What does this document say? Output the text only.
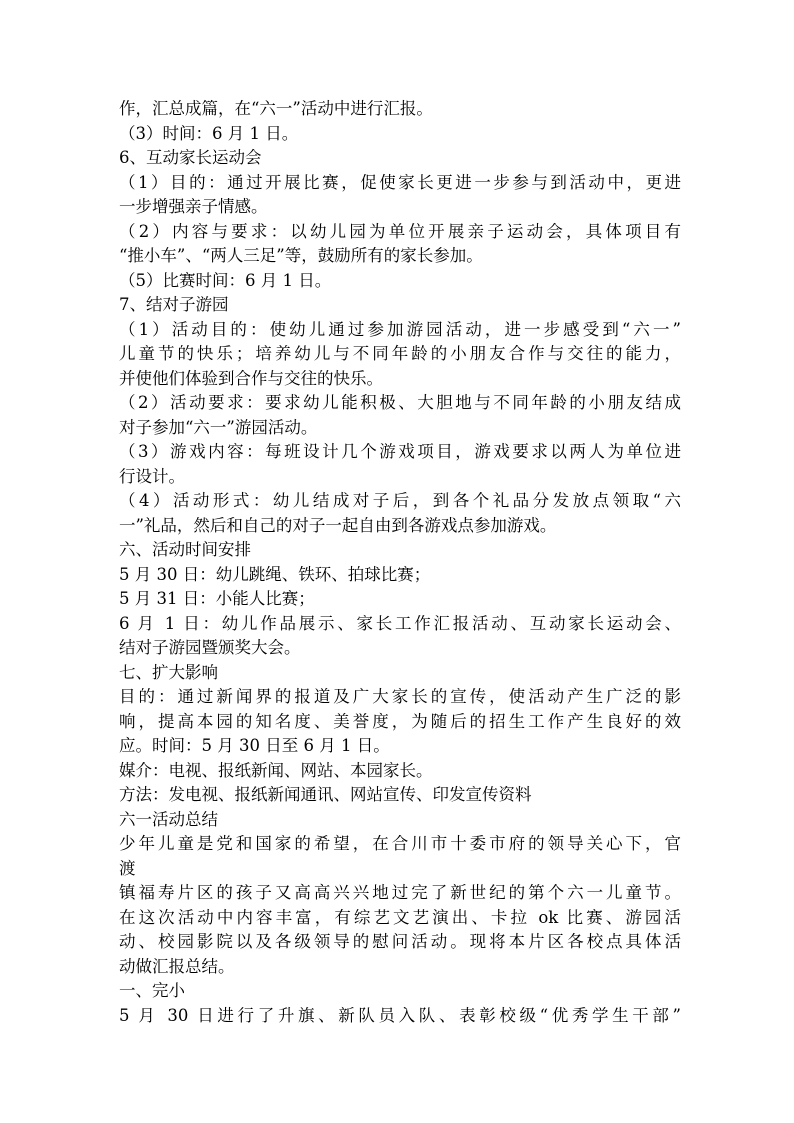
作，汇总成篇，在“六一”活动中进行汇报。
（3）时间：6 月 1 日。
6、互动家长运动会
（1）目的：通过开展比赛，促使家长更进一步参与到活动中，更进
一步增强亲子情感。
（2）内容与要求：以幼儿园为单位开展亲子运动会，具体项目有
“推小车”、“两人三足”等，鼓励所有的家长参加。
（5）比赛时间：6 月 1 日。
7、结对子游园
（1）活动目的：使幼儿通过参加游园活动，进一步感受到“六一”
儿童节的快乐；培养幼儿与不同年龄的小朋友合作与交往的能力，
并使他们体验到合作与交往的快乐。
（2）活动要求：要求幼儿能积极、大胆地与不同年龄的小朋友结成
对子参加“六一”游园活动。
（3）游戏内容：每班设计几个游戏项目，游戏要求以两人为单位进
行设计。
（4）活动形式：幼儿结成对子后，到各个礼品分发放点领取“六
一”礼品，然后和自己的对子一起自由到各游戏点参加游戏。
六、活动时间安排
5 月 30 日：幼儿跳绳、铁环、拍球比赛；
5 月 31 日：小能人比赛；
6 月 1 日：幼儿作品展示、家长工作汇报活动、互动家长运动会、
结对子游园暨颁奖大会。
七、扩大影响
目的：通过新闻界的报道及广大家长的宣传，使活动产生广泛的影
响，提高本园的知名度、美誉度，为随后的招生工作产生良好的效
应。时间：5 月 30 日至 6 月 1 日。
媒介：电视、报纸新闻、网站、本园家长。
方法：发电视、报纸新闻通讯、网站宣传、印发宣传资料
六一活动总结
少年儿童是党和国家的希望，在合川市十委市府的领导关心下，官
渡
镇福寿片区的孩子又高高兴兴地过完了新世纪的第个六一儿童节。
在这次活动中内容丰富，有综艺文艺演出、卡拉 ok 比赛、游园活
动、校园影院以及各级领导的慰问活动。现将本片区各校点具体活
动做汇报总结。
一、完小
5 月 30 日进行了升旗、新队员入队、表彰校级“优秀学生干部”
